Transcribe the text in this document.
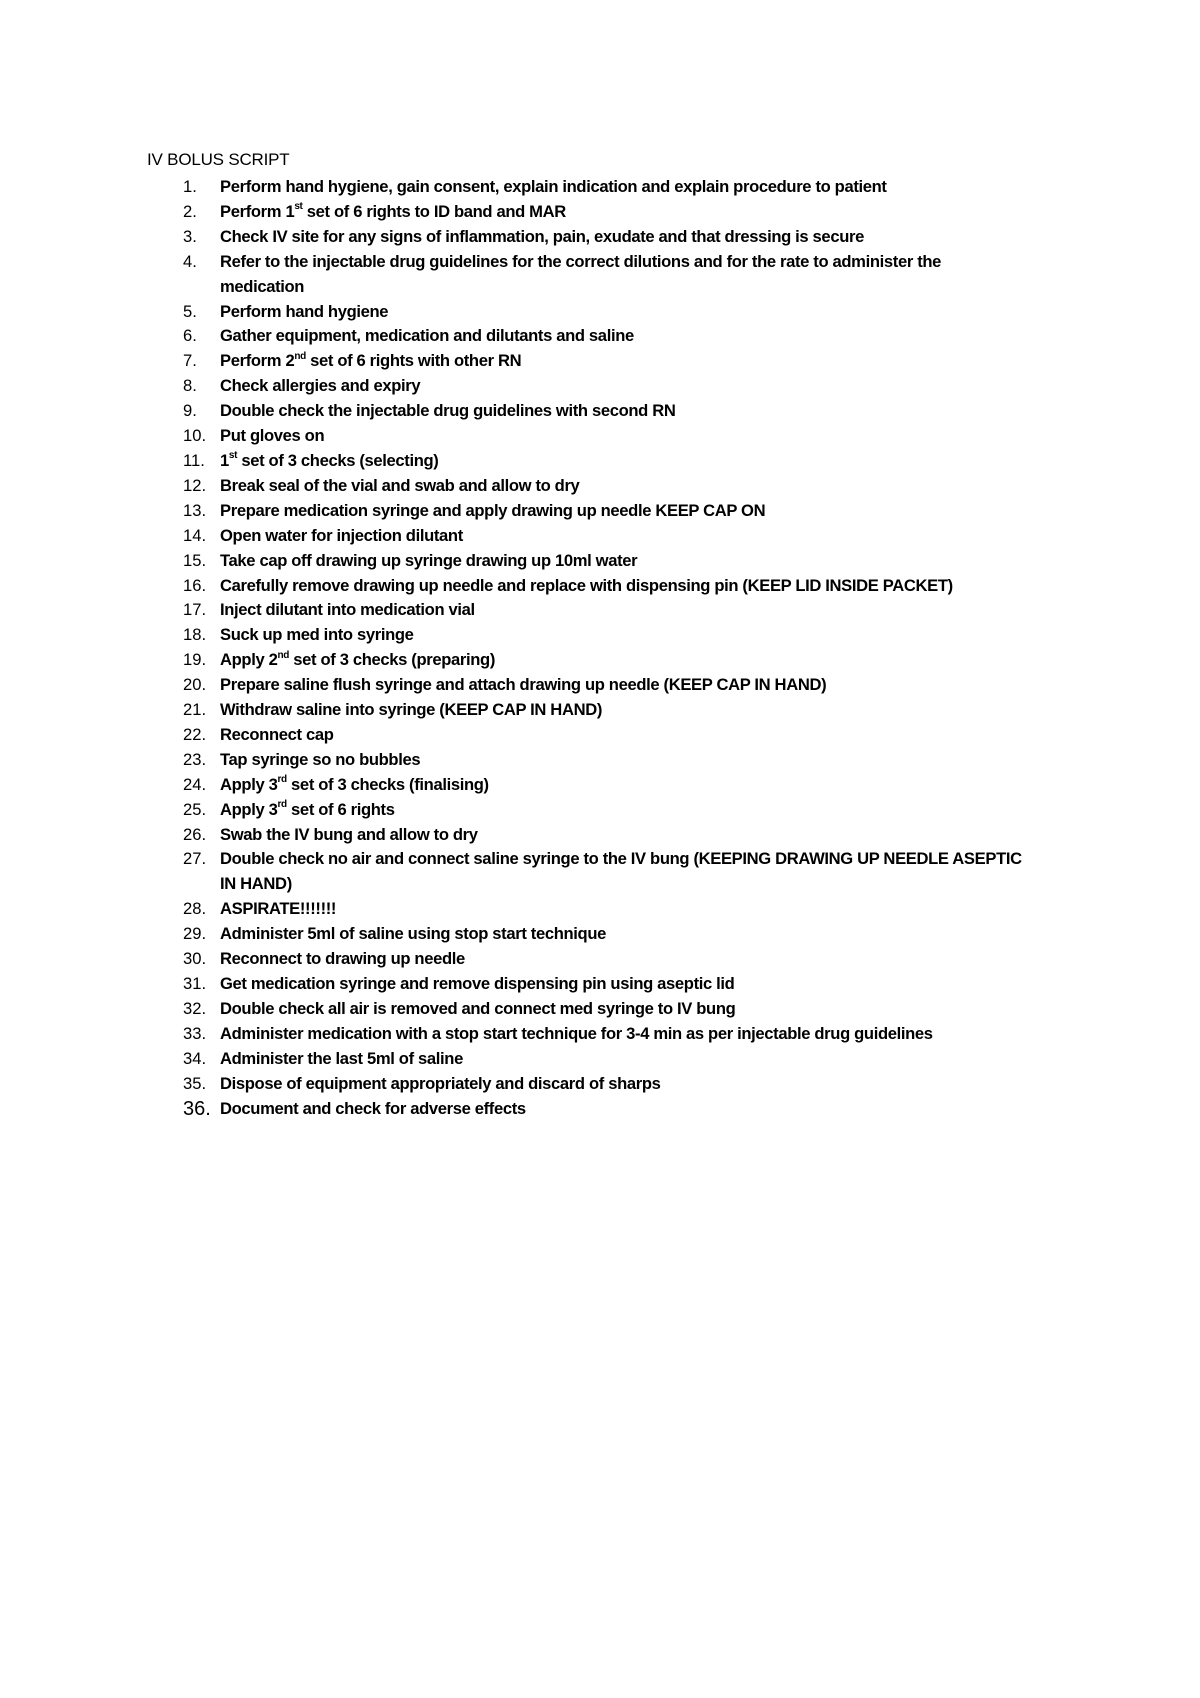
IV BOLUS SCRIPT
1.	Perform hand hygiene, gain consent, explain indication and explain procedure to patient
2.	Perform 1st set of 6 rights to ID band and MAR
3.	Check IV site for any signs of inflammation, pain, exudate and that dressing is secure
4.	Refer to the injectable drug guidelines for the correct dilutions and for the rate to administer the medication
5.	Perform hand hygiene
6.	Gather equipment, medication and dilutants and saline
7.	Perform 2nd set of 6 rights with other RN
8.	Check allergies and expiry
9.	Double check the injectable drug guidelines with second RN
10. Put gloves on
11. 1st set of 3 checks (selecting)
12. Break seal of the vial and swab and allow to dry
13. Prepare medication syringe and apply drawing up needle KEEP CAP ON
14. Open water for injection dilutant
15. Take cap off drawing up syringe drawing up 10ml water
16. Carefully remove drawing up needle and replace with dispensing pin (KEEP LID INSIDE PACKET)
17. Inject dilutant into medication vial
18. Suck up med into syringe
19. Apply 2nd set of 3 checks (preparing)
20. Prepare saline flush syringe and attach drawing up needle (KEEP CAP IN HAND)
21. Withdraw saline into syringe (KEEP CAP IN HAND)
22. Reconnect cap
23. Tap syringe so no bubbles
24. Apply 3rd set of 3 checks (finalising)
25. Apply 3rd set of 6 rights
26. Swab the IV bung and allow to dry
27. Double check no air and connect saline syringe to the IV bung (KEEPING DRAWING UP NEEDLE ASEPTIC IN HAND)
28. ASPIRATE!!!!!!!
29. Administer 5ml of saline using stop start technique
30. Reconnect to drawing up needle
31. Get medication syringe and remove dispensing pin using aseptic lid
32. Double check all air is removed and connect med syringe to IV bung
33. Administer medication with a stop start technique for 3-4 min as per injectable drug guidelines
34. Administer the last 5ml of saline
35. Dispose of equipment appropriately and discard of sharps
36. Document and check for adverse effects
